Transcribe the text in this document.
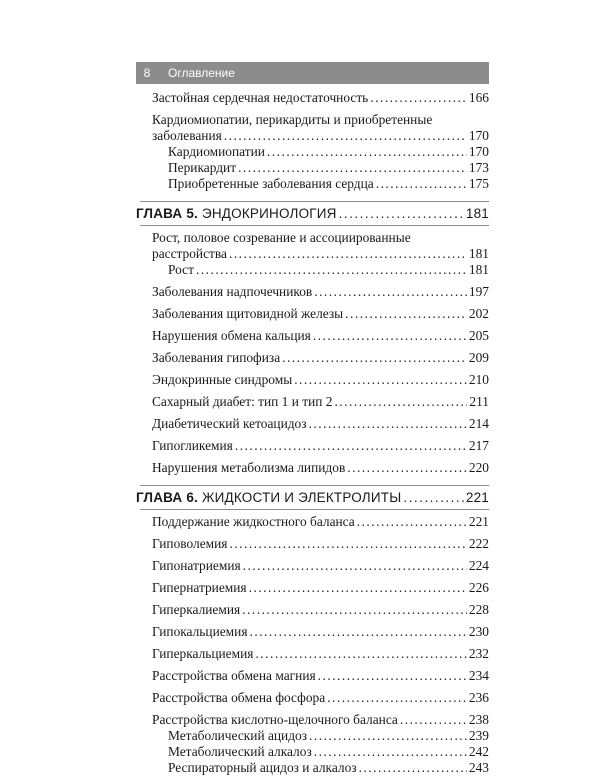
8	Оглавление
Застойная сердечная недостаточность .....	166
Кардиомиопатии, перикардиты и приобретенные
заболевания .....	170
Кардиомиопатии .....	170
Перикардит .....	173
Приобретенные заболевания сердца .....	175
ГЛАВА 5. ЭНДОКРИНОЛОГИЯ .....	181
Рост, половое созревание и ассоциированные
расстройства .....	181
Рост .....	181
Заболевания надпочечников .....	197
Заболевания щитовидной железы .....	202
Нарушения обмена кальция .....	205
Заболевания гипофиза .....	209
Эндокринные синдромы .....	210
Сахарный диабет: тип 1 и тип 2 .....	211
Диабетический кетоацидоз .....	214
Гипогликемия .....	217
Нарушения метаболизма липидов .....	220
ГЛАВА 6. ЖИДКОСТИ И ЭЛЕКТРОЛИТЫ .....	221
Поддержание жидкостного баланса .....	221
Гиповолемия .....	222
Гипонатриемия .....	224
Гипернатриемия .....	226
Гиперкалиемия .....	228
Гипокальциемия .....	230
Гиперкальциемия .....	232
Расстройства обмена магния .....	234
Расстройства обмена фосфора .....	236
Расстройства кислотно-щелочного баланса .....	238
Метаболический ацидоз .....	239
Метаболический алкалоз .....	242
Респираторный ацидоз и алкалоз .....	243
